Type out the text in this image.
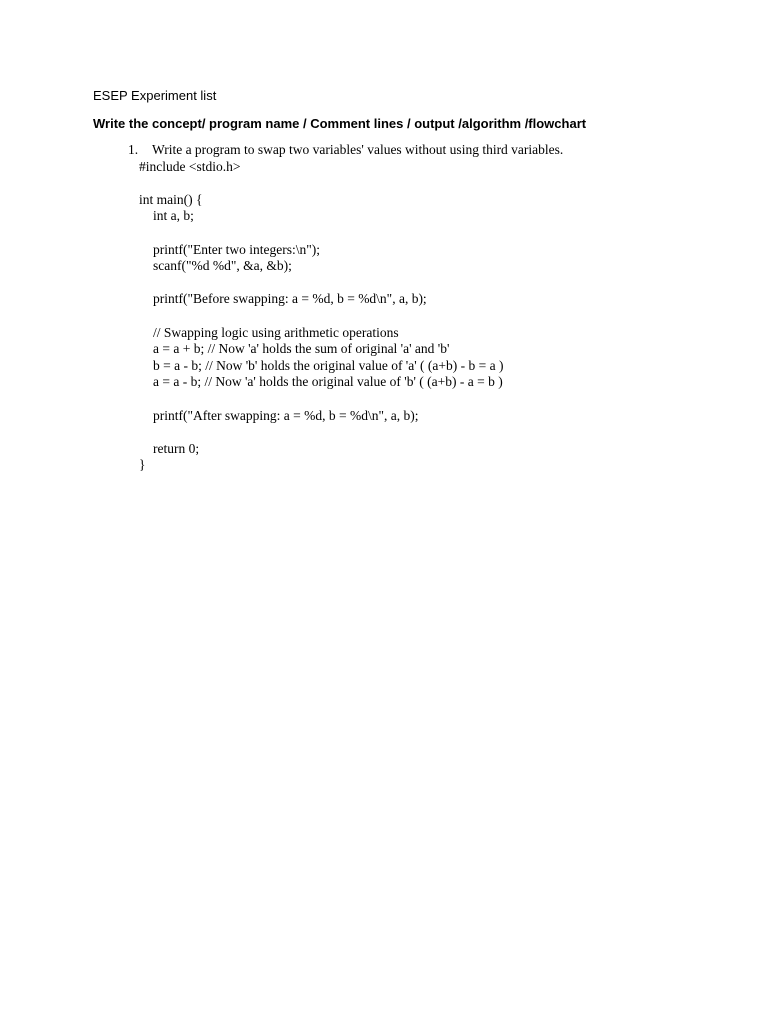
ESEP Experiment list
Write the concept/ program name / Comment lines / output /algorithm /flowchart
1. Write a program to swap two variables' values without using third variables.
#include <stdio.h>
int main() {
int a, b;
printf("Enter two integers:\n");
scanf("%d %d", &a, &b);
printf("Before swapping: a = %d, b = %d\n", a, b);
// Swapping logic using arithmetic operations
a = a + b; // Now 'a' holds the sum of original 'a' and 'b'
b = a - b; // Now 'b' holds the original value of 'a' ( (a+b) - b = a )
a = a - b; // Now 'a' holds the original value of 'b' ( (a+b) - a = b )
printf("After swapping: a = %d, b = %d\n", a, b);
return 0;
}
